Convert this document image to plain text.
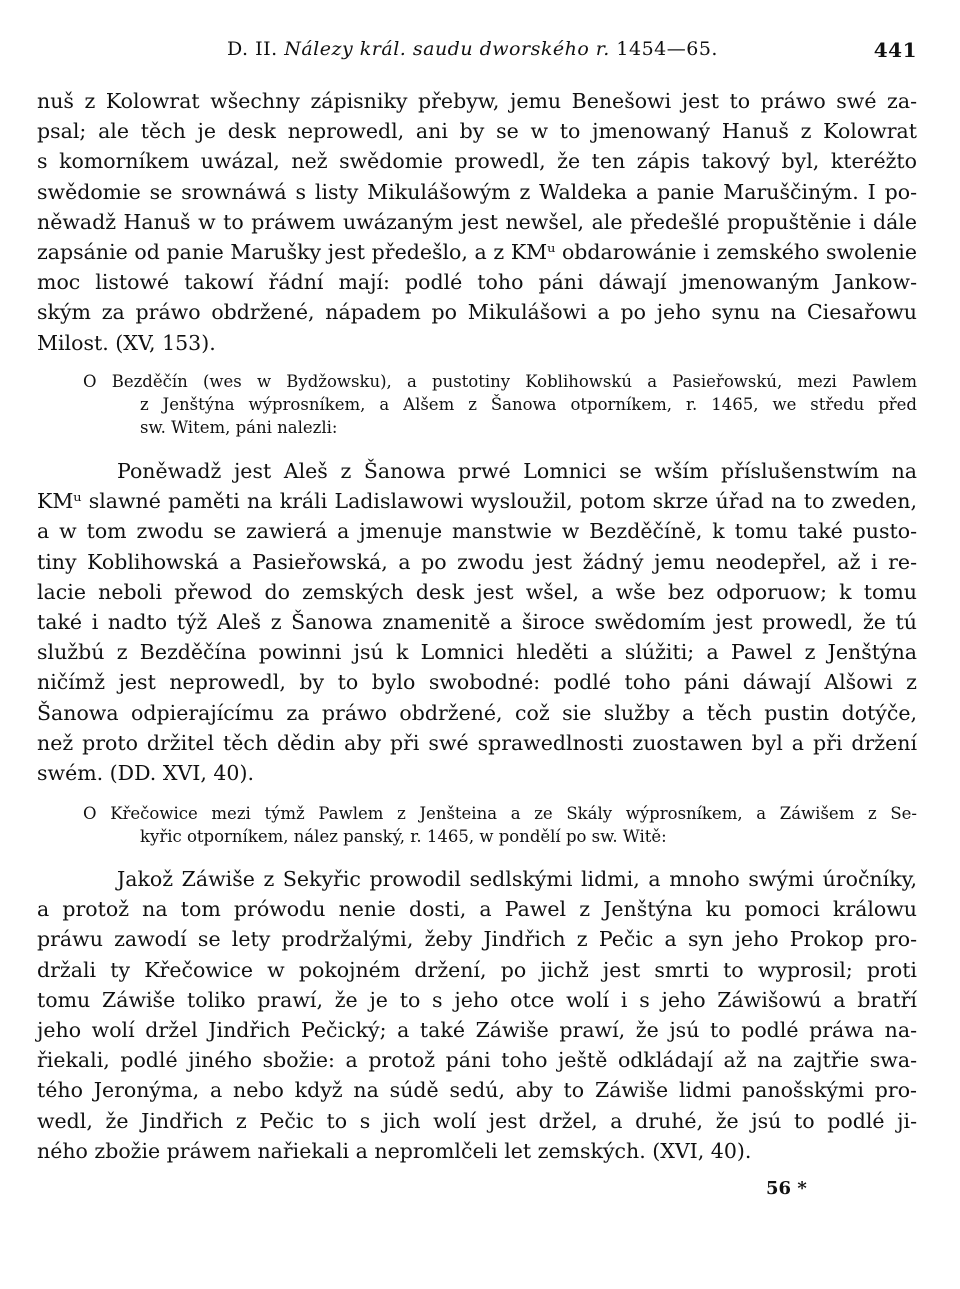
D. II. Nálezy král. saudu dworského r. 1454—65.	441
nuš z Kolowrat wšechny zápisniky přebyw, jemu Benešowi jest to práwo swé za-
psal; ale těch je desk neprowedl, ani by se w to jmenowaný Hanuš z Kolowrat
s komorníkem uwázal, než swědomie prowedl, že ten zápis takový byl, kteréžto
swědomie se srownáwá s listy Mikulášowým z Waldeka a panie Maruščiným. I po-
něwadž Hanuš w to práwem uwázaným jest newšel, ale předešlé propuštěnie i dále
zapsánie od panie Marušky jest předešlo, a z KMᵘ obdarowánie i zemského swolenie
moc listowé takowí řádní mají: podlé toho páni dáwají jmenowaným Jankow-
ským za práwo obdržené, nápadem po Mikulášowi a po jeho synu na Ciesařowu
Milost. (XV, 153).
O Bezděčín (wes w Bydžowsku), a pustotiny Koblihowskú a Pasieřowskú, mezi Pawlem
z Jenštýna wýprosníkem, a Alšem z Šanowa otporníkem, r. 1465, we středu před
sw. Witem, páni nalezli:
Poněwadž jest Aleš z Šanowa prwé Lomnici se wším příslušenstwím na
KMᵘ slawné paměti na králi Ladislawowi wysloužil, potom skrze úřad na to zweden,
a w tom zwodu se zawierá a jmenuje manstwie w Bezděčíně, k tomu také pusto-
tiny Koblihowská a Pasieřowská, a po zwodu jest žádný jemu neodepřel, až i re-
lacie neboli přewod do zemských desk jest wšel, a wše bez odporuow; k tomu
také i nadto týž Aleš z Šanowa znamenitě a široce swědomím jest prowedl, že tú
službú z Bezděčína powinni jsú k Lomnici hleděti a slúžiti; a Pawel z Jenštýna
ničímž jest neprowedl, by to bylo swobodné: podlé toho páni dáwají Alšowi z
Šanowa odpierajícímu za práwo obdržené, což sie služby a těch pustin dotýče,
než proto držitel těch dědin aby při swé sprawedlnosti zuostawen byl a při držení
swém. (DD. XVI, 40).
O Křečowice mezi týmž Pawlem z Jenšteina a ze Skály wýprosníkem, a Záwišem z Se-
kyřic otporníkem, nález panský, r. 1465, w pondělí po sw. Witě:
Jakož Záwiše z Sekyřic prowodil sedlskými lidmi, a mnoho swými úročníky,
a protož na tom prówodu nenie dosti, a Pawel z Jenštýna ku pomoci králowu
práwu zawodí se lety prodržalými, žeby Jindřich z Pečic a syn jeho Prokop pro-
držali ty Křečowice w pokojném držení, po jichž jest smrti to wyprosil; proti
tomu Záwiše toliko prawí, že je to s jeho otce wolí i s jeho Záwišowú a bratří
jeho wolí držel Jindřich Pečický; a také Záwiše prawí, že jsú to podlé práwa na-
řiekali, podlé jiného sbožie: a protož páni toho ještě odkládají až na zajtřie swa-
tého Jeronýma, a nebo když na súdě sedú, aby to Záwiše lidmi panošskými pro-
wedl, že Jindřich z Pečic to s jich wolí jest držel, a druhé, že jsú to podlé ji-
ného zbožie práwem nařiekali a nepromlčeli let zemských. (XVI, 40).
56 *
